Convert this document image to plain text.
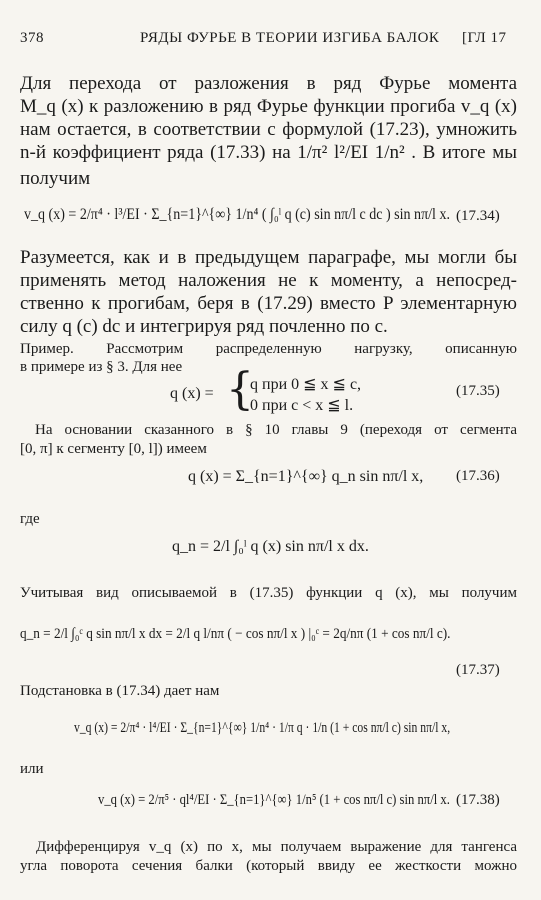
378	РЯДЫ ФУРЬЕ В ТЕОРИИ ИЗГИБА БАЛОК [ГЛ 17
Для перехода от разложения в ряд Фурье момента
M_q (x) к разложению в ряд Фурье функции прогиба v_q (x)
нам остается, в соответствии с формулой (17.23), умножить
n-й коэффициент ряда (17.33) на 1/π² l²/EI 1/n² . В итоге мы
получим
v_q (x) = 2/π⁴ · l³/EI · Σ_{n=1}^{∞} 1/n⁴ ( ∫₀ˡ q (c) sin nπ/l c dc ) sin nπ/l x. (17.34)
Разумеется, как и в предыдущем параграфе, мы могли бы
применять метод наложения не к моменту, а непосред-
ственно к прогибам, беря в (17.29) вместо P элементарную
силу q (c) dc и интегрируя ряд почленно по c.
Пример. Рассмотрим распределенную нагрузку, описанную
в примере из § 3. Для нее
q (x) = {
q при 0 ≦ x ≦ c,
0 при c < x ≦ l.
(17.35)
На основании сказанного в § 10 главы 9 (переходя от сегмента
[0, π] к сегменту [0, l]) имеем
q (x) = Σ_{n=1}^{∞} q_n sin nπ/l x, (17.36)
где
q_n = 2/l ∫₀ˡ q (x) sin nπ/l x dx.
Учитывая вид описываемой в (17.35) функции q (x), мы получим
q_n = 2/l ∫₀ᶜ q sin nπ/l x dx = 2/l q l/nπ ( − cos nπ/l x ) |₀ᶜ = 2q/nπ (1 + cos nπ/l c).
(17.37)
Подстановка в (17.34) дает нам
v_q (x) = 2/π⁴ · l⁴/EI · Σ_{n=1}^{∞} 1/n⁴ · 1/π q · 1/n (1 + cos nπ/l c) sin nπ/l x,
или
v_q (x) = 2/π⁵ · ql⁴/EI · Σ_{n=1}^{∞} 1/n⁵ (1 + cos nπ/l c) sin nπ/l x. (17.38)
Дифференцируя v_q (x) по x, мы получаем выражение для тангенса
угла поворота сечения балки (который ввиду ее жесткости можно
